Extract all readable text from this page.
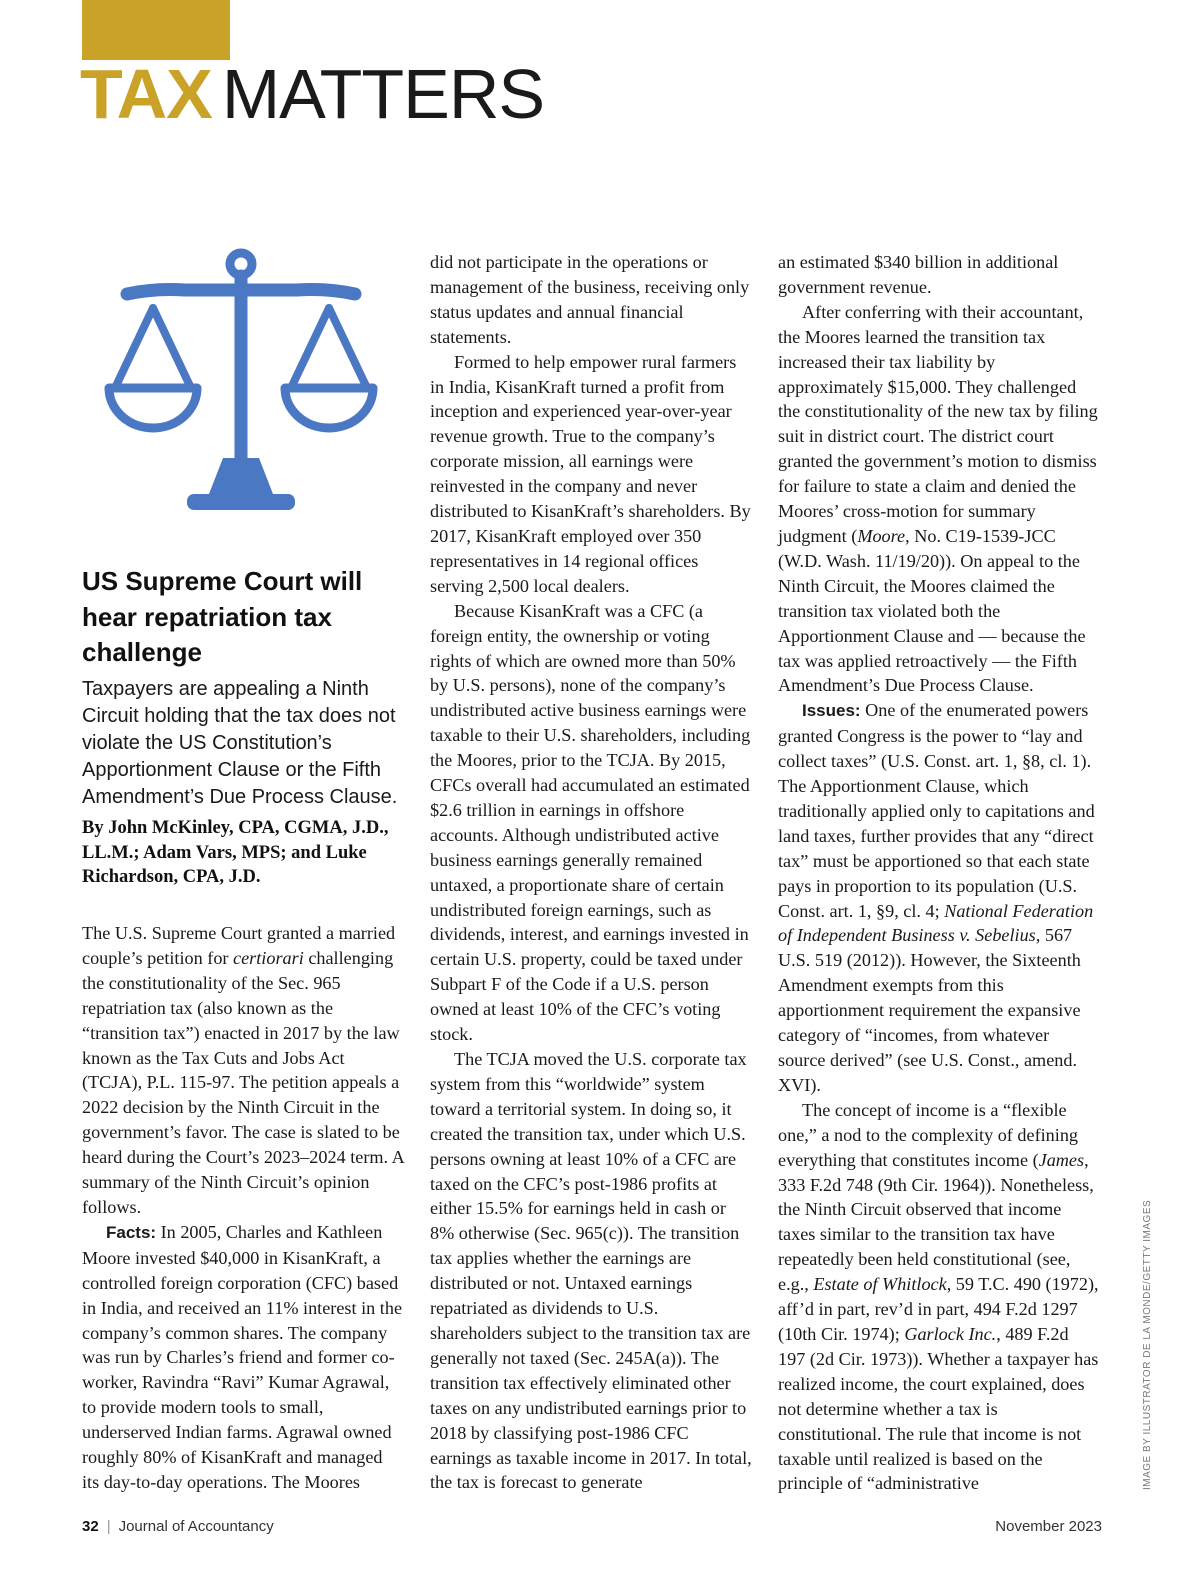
TAX MATTERS
US Supreme Court will hear repatriation tax challenge

Taxpayers are appealing a Ninth Circuit holding that the tax does not violate the US Constitution’s Apportionment Clause or the Fifth Amendment’s Due Process Clause.

By John McKinley, CPA, CGMA, J.D., LL.M.; Adam Vars, MPS; and Luke Richardson, CPA, J.D.

The U.S. Supreme Court granted a married couple’s petition for certiorari challenging the constitutionality of the Sec. 965 repatriation tax (also known as the “transition tax”) enacted in 2017 by the law known as the Tax Cuts and Jobs Act (TCJA), P.L. 115-97. The petition appeals a 2022 decision by the Ninth Circuit in the government’s favor. The case is slated to be heard during the Court’s 2023–2024 term. A summary of the Ninth Circuit’s opinion follows.

Facts: In 2005, Charles and Kathleen Moore invested $40,000 in KisanKraft, a controlled foreign corporation (CFC) based in India, and received an 11% interest in the company’s common shares. The company was run by Charles’s friend and former co-worker, Ravindra “Ravi” Kumar Agrawal, to provide modern tools to small, underserved Indian farms. Agrawal owned roughly 80% of KisanKraft and managed its day-to-day operations. The Moores

did not participate in the operations or management of the business, receiving only status updates and annual financial statements.

Formed to help empower rural farmers in India, KisanKraft turned a profit from inception and experienced year-over-year revenue growth. True to the company’s corporate mission, all earnings were reinvested in the company and never distributed to KisanKraft’s shareholders. By 2017, KisanKraft employed over 350 representatives in 14 regional offices serving 2,500 local dealers.

Because KisanKraft was a CFC (a foreign entity, the ownership or voting rights of which are owned more than 50% by U.S. persons), none of the company’s undistributed active business earnings were taxable to their U.S. shareholders, including the Moores, prior to the TCJA. By 2015, CFCs overall had accumulated an estimated $2.6 trillion in earnings in offshore accounts. Although undistributed active business earnings generally remained untaxed, a proportionate share of certain undistributed foreign earnings, such as dividends, interest, and earnings invested in certain U.S. property, could be taxed under Subpart F of the Code if a U.S. person owned at least 10% of the CFC’s voting stock.

The TCJA moved the U.S. corporate tax system from this “worldwide” system toward a territorial system. In doing so, it created the transition tax, under which U.S. persons owning at least 10% of a CFC are taxed on the CFC’s post-1986 profits at either 15.5% for earnings held in cash or 8% otherwise (Sec. 965(c)). The transition tax applies whether the earnings are distributed or not. Untaxed earnings repatriated as dividends to U.S. shareholders subject to the transition tax are generally not taxed (Sec. 245A(a)). The transition tax effectively eliminated other taxes on any undistributed earnings prior to 2018 by classifying post-1986 CFC earnings as taxable income in 2017. In total, the tax is forecast to generate

an estimated $340 billion in additional government revenue.

After conferring with their accountant, the Moores learned the transition tax increased their tax liability by approximately $15,000. They challenged the constitutionality of the new tax by filing suit in district court. The district court granted the government’s motion to dismiss for failure to state a claim and denied the Moores’ cross-motion for summary judgment (Moore, No. C19-1539-JCC (W.D. Wash. 11/19/20)). On appeal to the Ninth Circuit, the Moores claimed the transition tax violated both the Apportionment Clause and — because the tax was applied retroactively — the Fifth Amendment’s Due Process Clause.

Issues: One of the enumerated powers granted Congress is the power to “lay and collect taxes” (U.S. Const. art. 1, §8, cl. 1). The Apportionment Clause, which traditionally applied only to capitations and land taxes, further provides that any “direct tax” must be apportioned so that each state pays in proportion to its population (U.S. Const. art. 1, §9, cl. 4; National Federation of Independent Business v. Sebelius, 567 U.S. 519 (2012)). However, the Sixteenth Amendment exempts from this apportionment requirement the expansive category of “incomes, from whatever source derived” (see U.S. Const., amend. XVI).

The concept of income is a “flexible one,” a nod to the complexity of defining everything that constitutes income (James, 333 F.2d 748 (9th Cir. 1964)). Nonetheless, the Ninth Circuit observed that income taxes similar to the transition tax have repeatedly been held constitutional (see, e.g., Estate of Whitlock, 59 T.C. 490 (1972), aff’d in part, rev’d in part, 494 F.2d 1297 (10th Cir. 1974); Garlock Inc., 489 F.2d 197 (2d Cir. 1973)). Whether a taxpayer has realized income, the court explained, does not determine whether a tax is constitutional. The rule that income is not taxable until realized is based on the principle of “administrative	IMAGE BY ILLUSTRATOR DE LA MONDE/GETTY IMAGES
32 | Journal of Accountancy	November 2023
